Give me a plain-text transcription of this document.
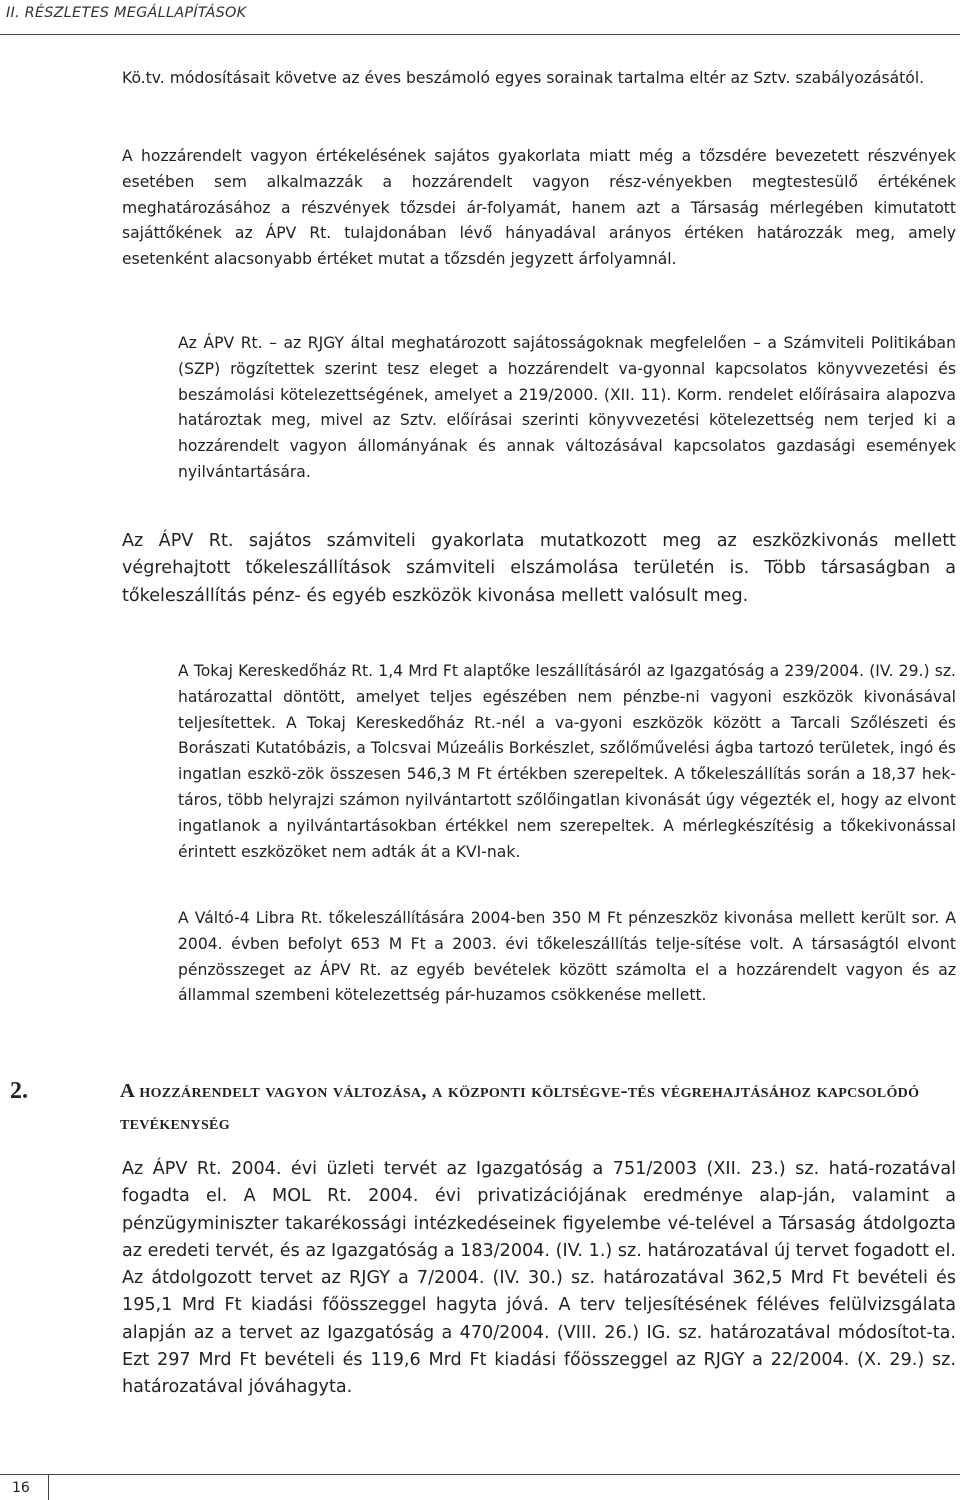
II. RÉSZLETES MEGÁLLAPÍTÁSOK

Kö.tv. módosításait követve az éves beszámoló egyes sorainak tartalma eltér az Sztv. szabályozásától.

A hozzárendelt vagyon értékelésének sajátos gyakorlata miatt még a tőzsdére bevezetett részvények esetében sem alkalmazzák a hozzárendelt vagyon rész-vényekben megtestesülő értékének meghatározásához a részvények tőzsdei ár-folyamát, hanem azt a Társaság mérlegében kimutatott sajáttőkének az ÁPV Rt. tulajdonában lévő hányadával arányos értéken határozzák meg, amely esetenként alacsonyabb értéket mutat a tőzsdén jegyzett árfolyamnál.

Az ÁPV Rt. – az RJGY által meghatározott sajátosságoknak megfelelően – a Számviteli Politikában (SZP) rögzítettek szerint tesz eleget a hozzárendelt va-gyonnal kapcsolatos könyvvezetési és beszámolási kötelezettségének, amelyet a 219/2000. (XII. 11). Korm. rendelet előírásaira alapozva határoztak meg, mivel az Sztv. előírásai szerinti könyvvezetési kötelezettség nem terjed ki a hozzárendelt vagyon állományának és annak változásával kapcsolatos gazdasági események nyilvántartására.

Az ÁPV Rt. sajátos számviteli gyakorlata mutatkozott meg az eszközkivonás mellett végrehajtott tőkeleszállítások számviteli elszámolása területén is. Több társaságban a tőkeleszállítás pénz- és egyéb eszközök kivonása mellett valósult meg.

A Tokaj Kereskedőház Rt. 1,4 Mrd Ft alaptőke leszállításáról az Igazgatóság a 239/2004. (IV. 29.) sz. határozattal döntött, amelyet teljes egészében nem pénzbe-ni vagyoni eszközök kivonásával teljesítettek. A Tokaj Kereskedőház Rt.-nél a va-gyoni eszközök között a Tarcali Szőlészeti és Borászati Kutatóbázis, a Tolcsvai Múzeális Borkészlet, szőlőművelési ágba tartozó területek, ingó és ingatlan eszkö-zök összesen 546,3 M Ft értékben szerepeltek. A tőkeleszállítás során a 18,37 hek-táros, több helyrajzi számon nyilvántartott szőlőingatlan kivonását úgy végezték el, hogy az elvont ingatlanok a nyilvántartásokban értékkel nem szerepeltek. A mérlegkészítésig a tőkekivonással érintett eszközöket nem adták át a KVI-nak.

A Váltó-4 Libra Rt. tőkeleszállítására 2004-ben 350 M Ft pénzeszköz kivonása mellett került sor. A 2004. évben befolyt 653 M Ft a 2003. évi tőkeleszállítás telje-sítése volt. A társaságtól elvont pénzösszeget az ÁPV Rt. az egyéb bevételek között számolta el a hozzárendelt vagyon és az állammal szembeni kötelezettség pár-huzamos csökkenése mellett.

2.	A hozzárendelt vagyon változása, a központi költségve-tés végrehajtásához kapcsolódó tevékenység

Az ÁPV Rt. 2004. évi üzleti tervét az Igazgatóság a 751/2003 (XII. 23.) sz. hatá-rozatával fogadta el. A MOL Rt. 2004. évi privatizációjának eredménye alap-ján, valamint a pénzügyminiszter takarékossági intézkedéseinek figyelembe vé-telével a Társaság átdolgozta az eredeti tervét, és az Igazgatóság a 183/2004. (IV. 1.) sz. határozatával új tervet fogadott el. Az átdolgozott tervet az RJGY a 7/2004. (IV. 30.) sz. határozatával 362,5 Mrd Ft bevételi és 195,1 Mrd Ft kiadási főösszeggel hagyta jóvá. A terv teljesítésének féléves felülvizsgálata alapján az a tervet az Igazgatóság a 470/2004. (VIII. 26.) IG. sz. határozatával módosítot-ta. Ezt 297 Mrd Ft bevételi és 119,6 Mrd Ft kiadási főösszeggel az RJGY a 22/2004. (X. 29.) sz. határozatával jóváhagyta.

16
